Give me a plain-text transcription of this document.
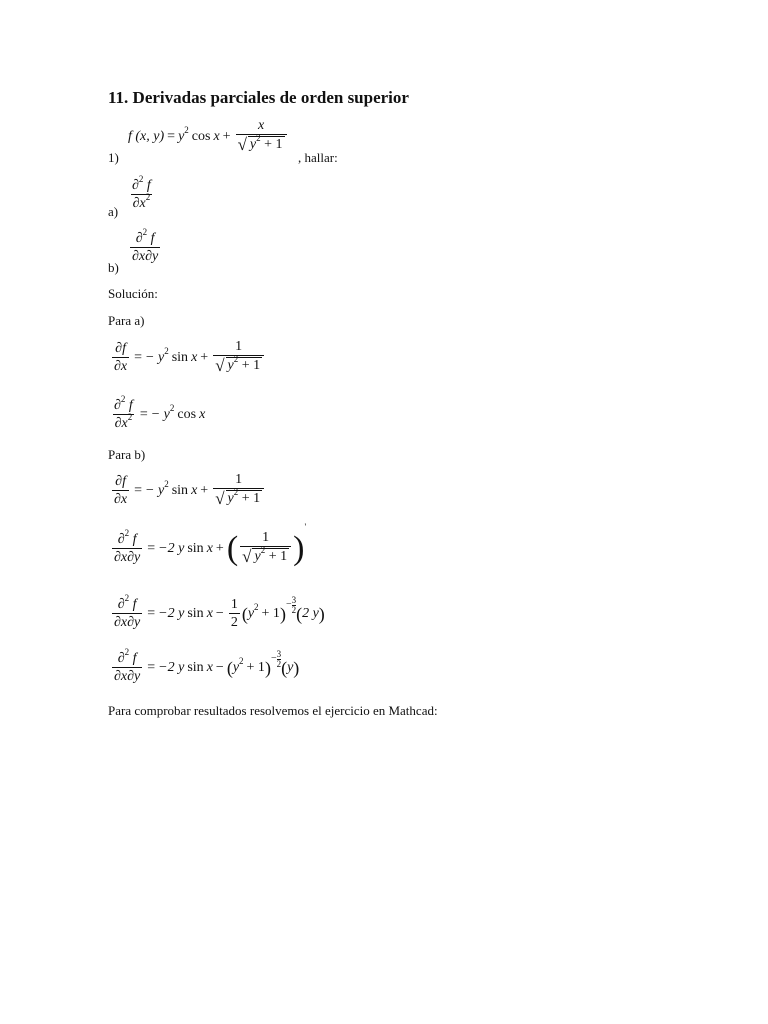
11. Derivadas parciales de orden superior
f (x, y) = y 2 $\cos x + \frac{x}{√ y^2 + 1}$
1)	, hallar:
$\frac{\partial^2 f}{\partial x^2}$
a)
$\frac{\partial^2 f}{\partial x\partial y}$
b)
Solución:
Para a)
$\frac{\partial f}{\partial x}$ = − y 2 $\sin x + \frac{1}{√ y^2 + 1}$
$\frac{\partial^2 f}{\partial x^2}$ = − y 2 cos x
Para b)
$\frac{\partial f}{\partial x}$ = − y 2 $\sin x + \frac{1}{√ y^2 + 1}$
$\frac{\partial^2 f}{\partial x\partial y} = -2$ y sin x + ( $\frac{1}{√ y^2 + 1}$ )
'
$\frac{\partial^2 f}{\partial x\partial y} = -2$ y $\sin x - \frac{1}{2}$ ( y 2 + 1 ) − $\frac{3}{2}$ ( 2 y )
$\frac{\partial^2 f}{\partial x\partial y} = -2$ y sin x − ( y 2 + 1 ) − $\frac{3}{2}$ ( y )
Para comprobar resultados resolvemos el ejercicio en Mathcad:
